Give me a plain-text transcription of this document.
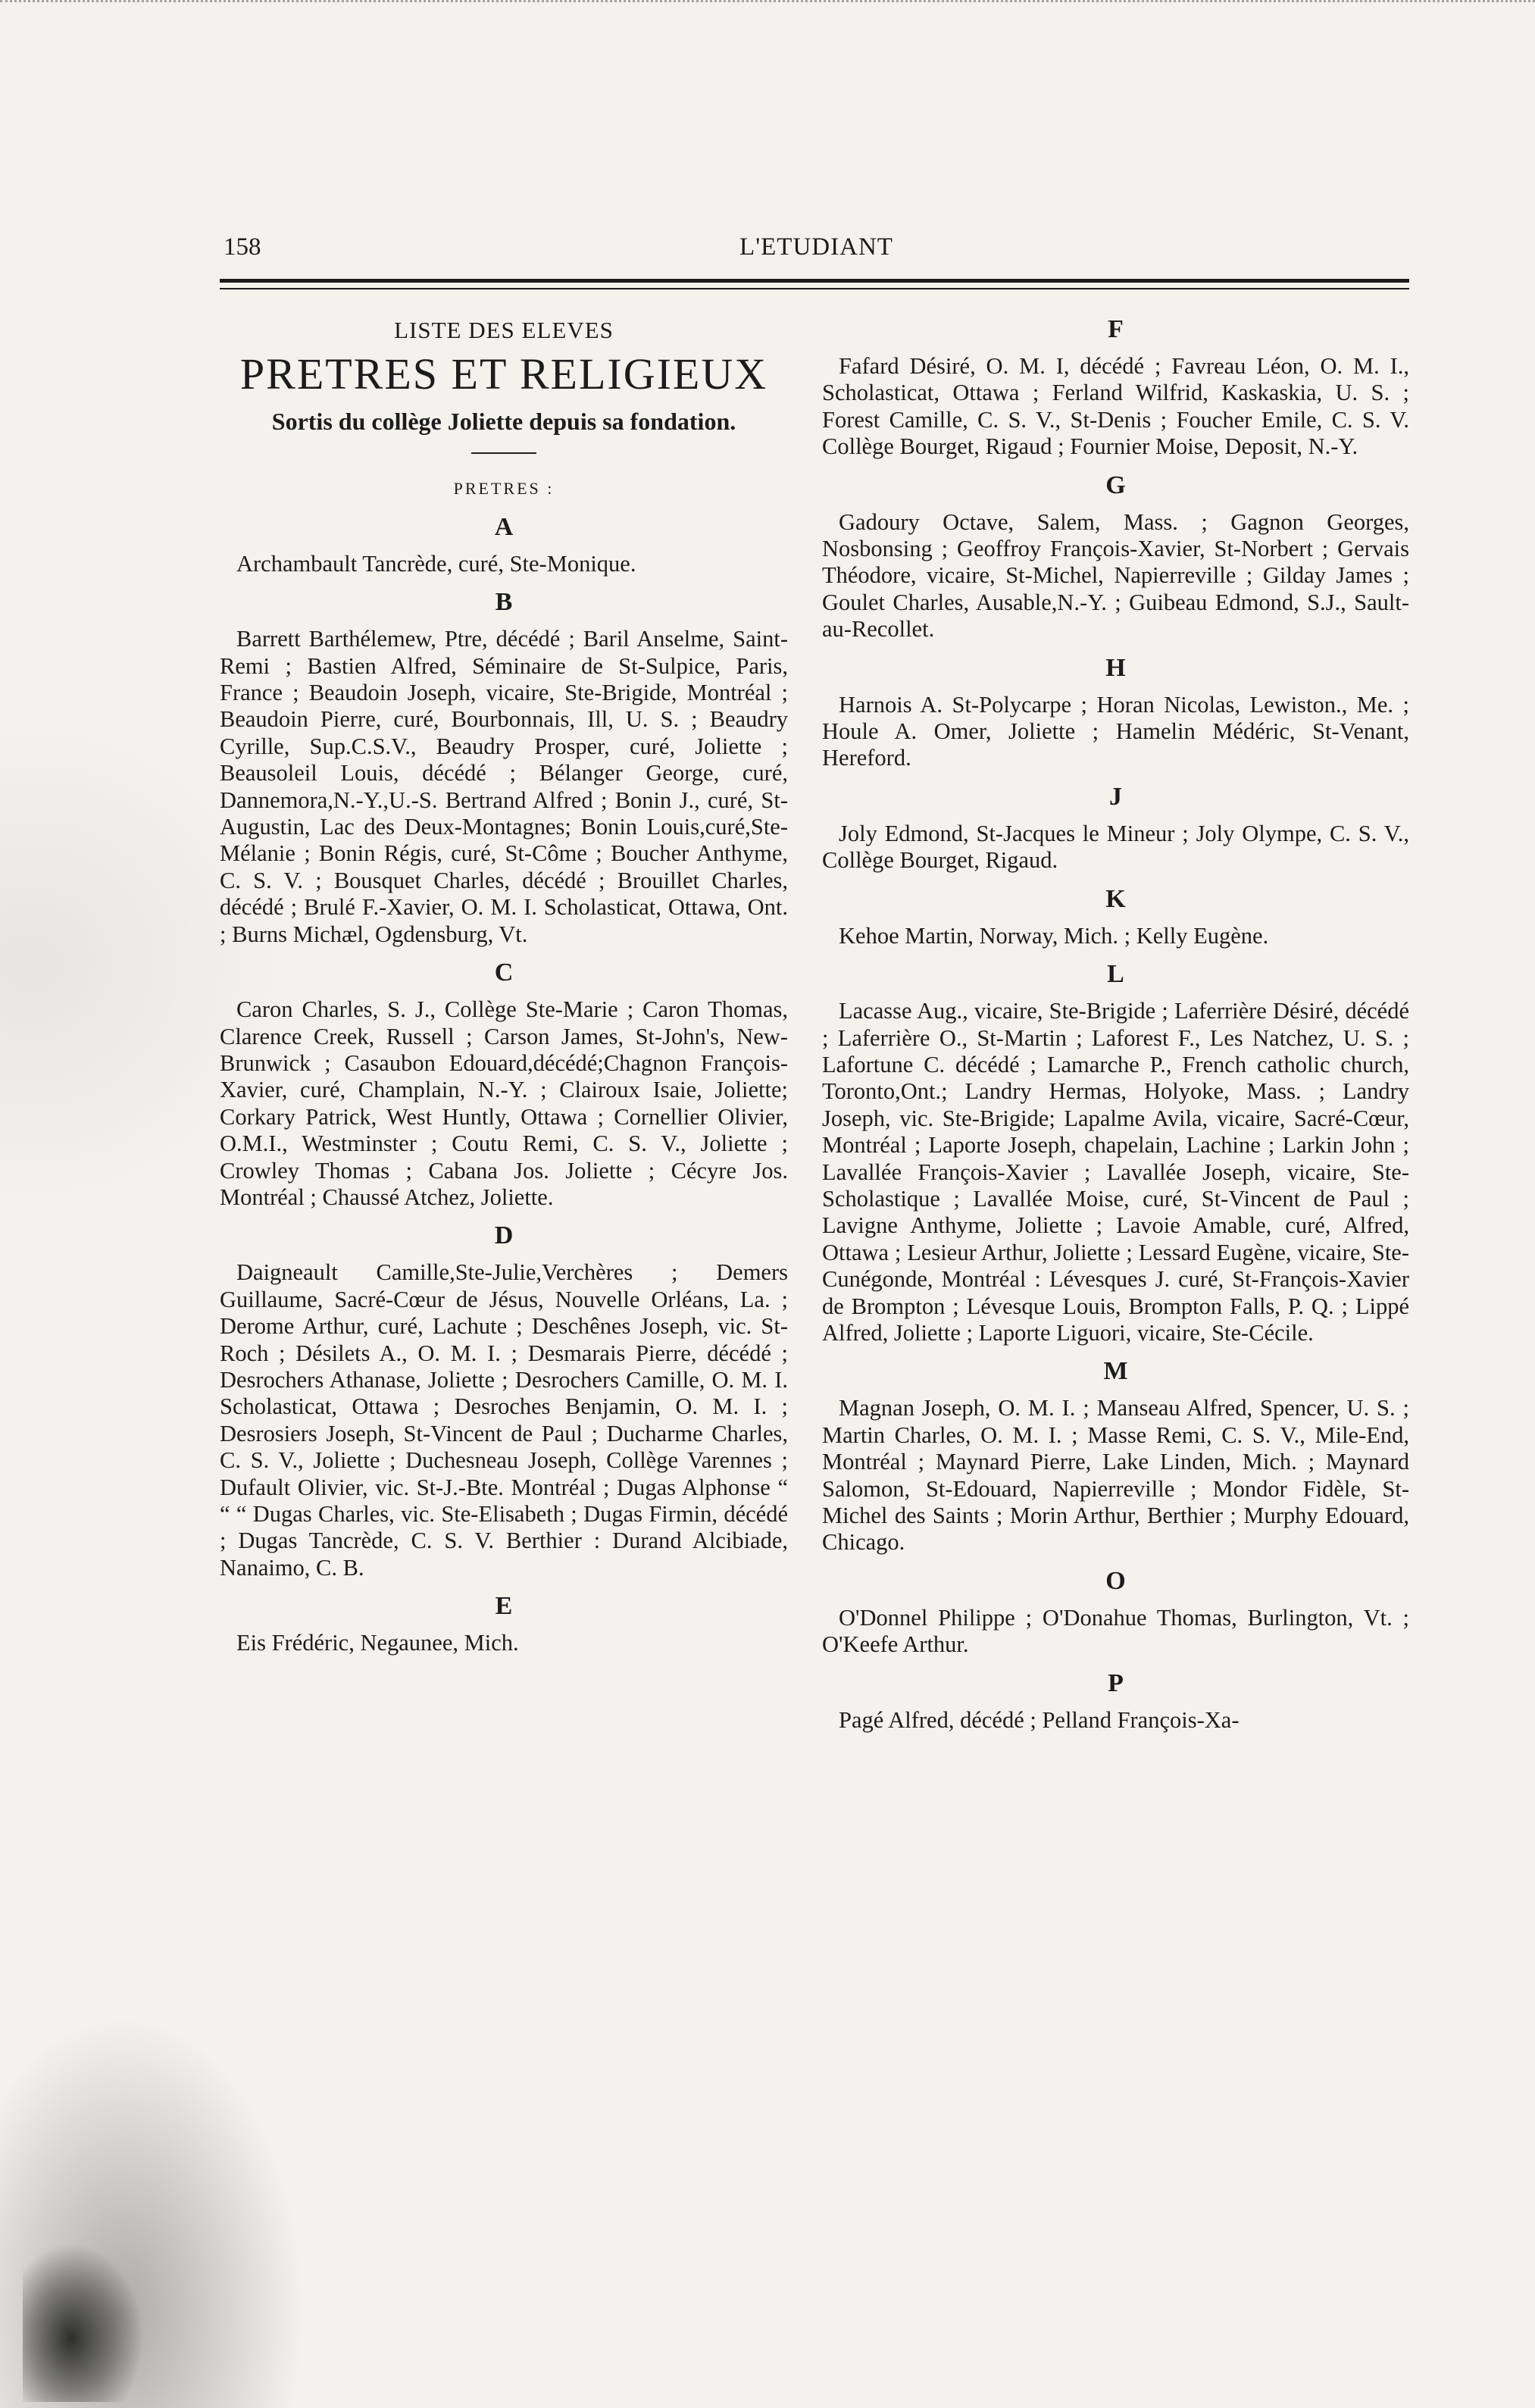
158	L'ETUDIANT
LISTE DES ELEVES
PRETRES ET RELIGIEUX
Sortis du collège Joliette depuis sa fondation.
PRETRES :
A

Archambault Tancrède, curé, Ste-Monique.

B

Barrett Barthélemew, Ptre, décédé ; Baril Anselme, Saint-Remi ; Bastien Alfred, Séminaire de St-Sulpice, Paris, France ; Beaudoin Joseph, vicaire, Ste-Brigide, Montréal ; Beaudoin Pierre, curé, Bourbonnais, Ill, U. S. ; Beaudry Cyrille, Sup.C.S.V., Beaudry Prosper, curé, Joliette ; Beausoleil Louis, décédé ; Bélanger George, curé, Dannemora,N.-Y.,U.-S. Bertrand Alfred ; Bonin J., curé, St-Augustin, Lac des Deux-Montagnes; Bonin Louis,curé,Ste-Mélanie ; Bonin Régis, curé, St-Côme ; Boucher Anthyme, C. S. V. ; Bousquet Charles, décédé ; Brouillet Charles, décédé ; Brulé F.-Xavier, O. M. I. Scholasticat, Ottawa, Ont. ; Burns Michæl, Ogdensburg, Vt.

C

Caron Charles, S. J., Collège Ste-Marie ; Caron Thomas, Clarence Creek, Russell ; Carson James, St-John's, New-Brunwick ; Casaubon Edouard,décédé;Chagnon François-Xavier, curé, Champlain, N.-Y. ; Clairoux Isaie, Joliette; Corkary Patrick, West Huntly, Ottawa ; Cornellier Olivier, O.M.I., Westminster ; Coutu Remi, C. S. V., Joliette ; Crowley Thomas ; Cabana Jos. Joliette ; Cécyre Jos. Montréal ; Chaussé Atchez, Joliette.

D

Daigneault Camille,Ste-Julie,Verchères ; Demers Guillaume, Sacré-Cœur de Jésus, Nouvelle Orléans, La. ; Derome Arthur, curé, Lachute ; Deschênes Joseph, vic. St-Roch ; Désilets A., O. M. I. ; Desmarais Pierre, décédé ; Desrochers Athanase, Joliette ; Desrochers Camille, O. M. I. Scholasticat, Ottawa ; Desroches Benjamin, O. M. I. ; Desrosiers Joseph, St-Vincent de Paul ; Ducharme Charles, C. S. V., Joliette ; Duchesneau Joseph, Collège Varennes ; Dufault Olivier, vic. St-J.-Bte. Montréal ; Dugas Alphonse “ “ “ Dugas Charles, vic. Ste-Elisabeth ; Dugas Firmin, décédé ; Dugas Tancrède, C. S. V. Berthier : Durand Alcibiade, Nanaimo, C. B.

E

Eis Frédéric, Negaunee, Mich.

F

Fafard Désiré, O. M. I, décédé ; Favreau Léon, O. M. I., Scholasticat, Ottawa ; Ferland Wilfrid, Kaskaskia, U. S. ; Forest Camille, C. S. V., St-Denis ; Foucher Emile, C. S. V. Collège Bourget, Rigaud ; Fournier Moise, Deposit, N.-Y.

G

Gadoury Octave, Salem, Mass. ; Gagnon Georges, Nosbonsing ; Geoffroy François-Xavier, St-Norbert ; Gervais Théodore, vicaire, St-Michel, Napierreville ; Gilday James ; Goulet Charles, Ausable,N.-Y. ; Guibeau Edmond, S.J., Sault-au-Recollet.

H

Harnois A. St-Polycarpe ; Horan Nicolas, Lewiston., Me. ; Houle A. Omer, Joliette ; Hamelin Médéric, St-Venant, Hereford.

J

Joly Edmond, St-Jacques le Mineur ; Joly Olympe, C. S. V., Collège Bourget, Rigaud.

K

Kehoe Martin, Norway, Mich. ; Kelly Eugène.

L

Lacasse Aug., vicaire, Ste-Brigide ; Laferrière Désiré, décédé ; Laferrière O., St-Martin ; Laforest F., Les Natchez, U. S. ; Lafortune C. décédé ; Lamarche P., French catholic church, Toronto,Ont.; Landry Hermas, Holyoke, Mass. ; Landry Joseph, vic. Ste-Brigide; Lapalme Avila, vicaire, Sacré-Cœur, Montréal ; Laporte Joseph, chapelain, Lachine ; Larkin John ; Lavallée François-Xavier ; Lavallée Joseph, vicaire, Ste-Scholastique ; Lavallée Moise, curé, St-Vincent de Paul ; Lavigne Anthyme, Joliette ; Lavoie Amable, curé, Alfred, Ottawa ; Lesieur Arthur, Joliette ; Lessard Eugène, vicaire, Ste-Cunégonde, Montréal : Lévesques J. curé, St-François-Xavier de Brompton ; Lévesque Louis, Brompton Falls, P. Q. ; Lippé Alfred, Joliette ; Laporte Liguori, vicaire, Ste-Cécile.

M

Magnan Joseph, O. M. I. ; Manseau Alfred, Spencer, U. S. ; Martin Charles, O. M. I. ; Masse Remi, C. S. V., Mile-End, Montréal ; Maynard Pierre, Lake Linden, Mich. ; Maynard Salomon, St-Edouard, Napierreville ; Mondor Fidèle, St-Michel des Saints ; Morin Arthur, Berthier ; Murphy Edouard, Chicago.

O

O'Donnel Philippe ; O'Donahue Thomas, Burlington, Vt. ; O'Keefe Arthur.

P

Pagé Alfred, décédé ; Pelland François-Xa-
